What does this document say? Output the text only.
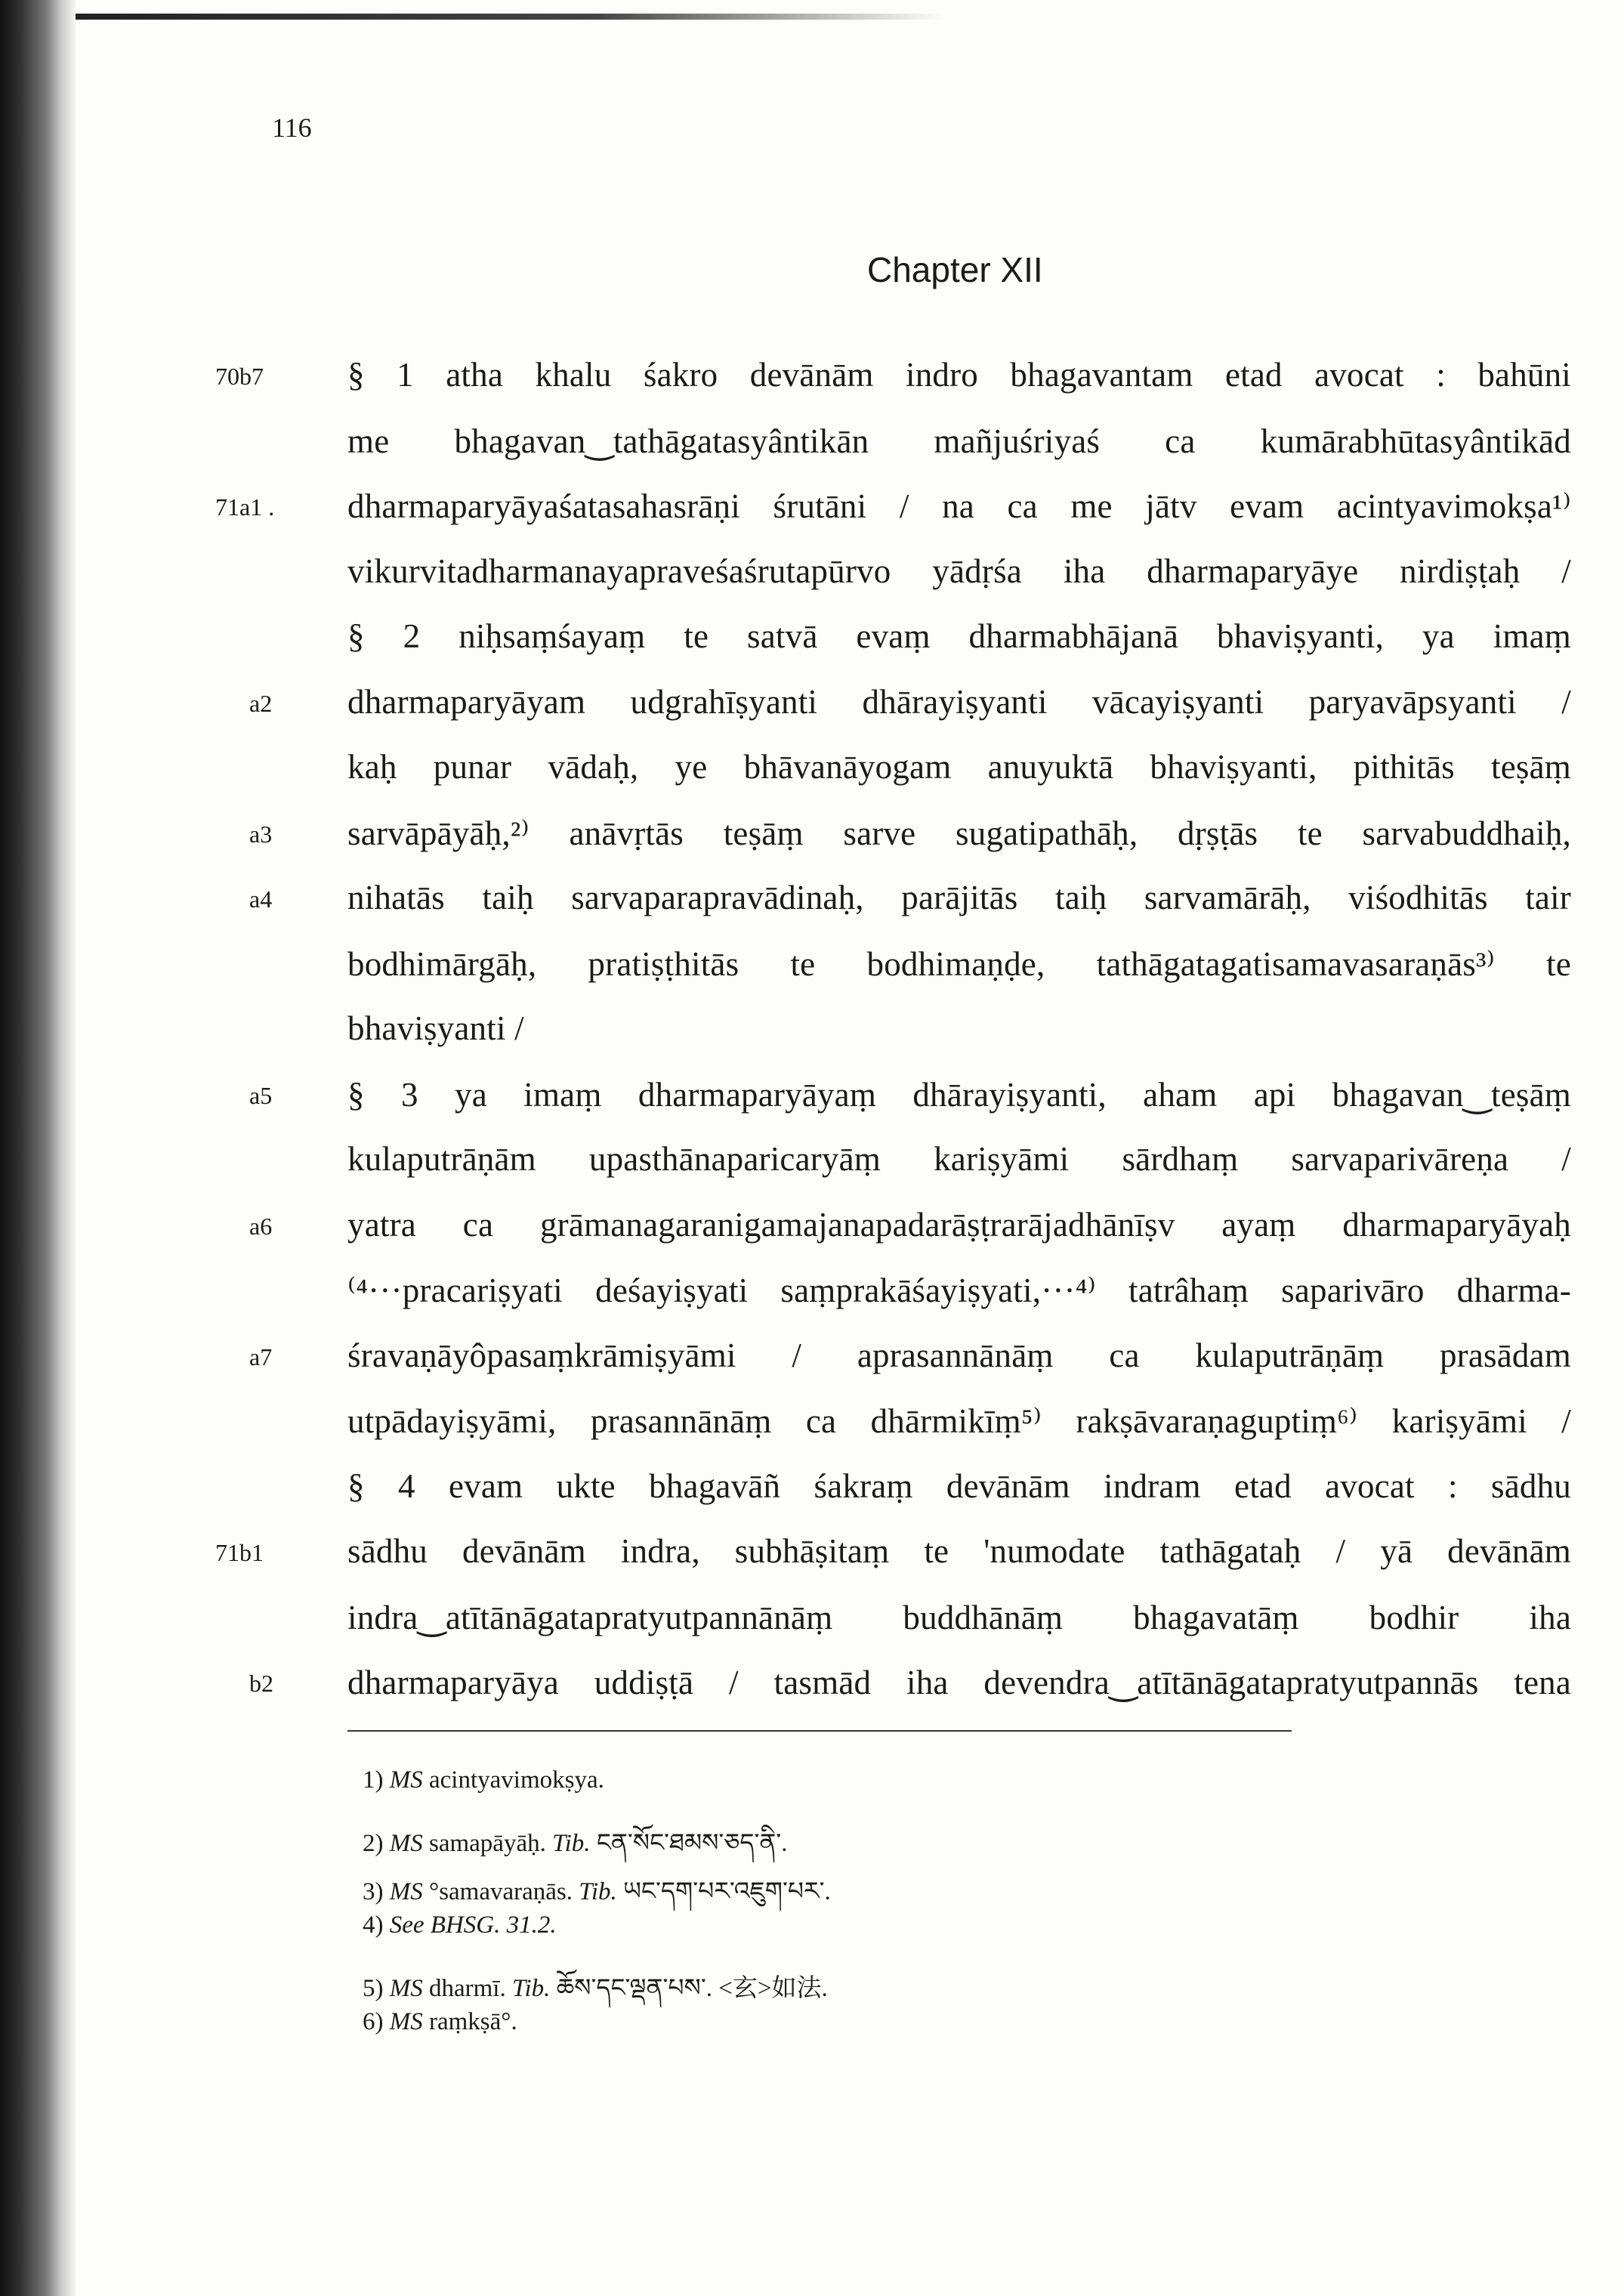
116
Chapter XII
70b7
71a1 .
a2
a3
a4
a5
a6
a7
71b1
b2
§ 1 atha khalu śakro devānām indro bhagavantam etad avocat : bahūni
me bhagavan‿tathāgatasyântikān mañjuśriyaś ca kumārabhūtasyântikād
dharmaparyāyaśatasahasrāṇi śrutāni / na ca me jātv evam acintyavimokṣa¹⁾
vikurvitadharmanayapraveśaśrutapūrvo yādṛśa iha dharmaparyāye nirdiṣṭaḥ /
§ 2 niḥsaṃśayaṃ te satvā evaṃ dharmabhājanā bhaviṣyanti, ya imaṃ
dharmaparyāyam udgrahīṣyanti dhārayiṣyanti vācayiṣyanti paryavāpsyanti /
kaḥ punar vādaḥ, ye bhāvanāyogam anuyuktā bhaviṣyanti, pithitās teṣāṃ
sarvāpāyāḥ,²⁾ anāvṛtās teṣāṃ sarve sugatipathāḥ, dṛṣṭās te sarvabuddhaiḥ,
nihatās taiḥ sarvaparapravādinaḥ, parājitās taiḥ sarvamārāḥ, viśodhitās tair
bodhimārgāḥ, pratiṣṭhitās te bodhimaṇḍe, tathāgatagatisamavasaraṇās³⁾ te
bhaviṣyanti /
§ 3 ya imaṃ dharmaparyāyaṃ dhārayiṣyanti, aham api bhagavan‿teṣāṃ
kulaputrāṇām upasthānaparicaryāṃ kariṣyāmi sārdhaṃ sarvaparivāreṇa /
yatra ca grāmanagaranigamajanapadarāṣṭrarājadhānīṣv ayaṃ dharmaparyāyaḥ
⁽⁴···pracariṣyati deśayiṣyati saṃprakāśayiṣyati,···⁴⁾ tatrâhaṃ saparivāro dharma-
śravaṇāyôpasaṃkrāmiṣyāmi / aprasannānāṃ ca kulaputrāṇāṃ prasādam
utpādayiṣyāmi, prasannānāṃ ca dhārmikīṃ⁵⁾ rakṣāvaraṇaguptiṃ⁶⁾ kariṣyāmi /
§ 4 evam ukte bhagavāñ śakraṃ devānām indram etad avocat : sādhu
sādhu devānām indra, subhāṣitaṃ te 'numodate tathāgataḥ / yā devānām
indra‿atītānāgatapratyutpannānāṃ buddhānāṃ bhagavatāṃ bodhir iha
dharmaparyāya uddiṣṭā / tasmād iha devendra‿atītānāgatapratyutpannās tena
1) MS acintyavimokṣya.
2) MS samapāyāḥ. Tib. ངན་སོང་ཐམས་ཅད་ནི་.
3) MS °samavaraṇās. Tib. ཡང་དག་པར་འཇུག་པར་.
4) See BHSG. 31.2.
5) MS dharmī. Tib. ཆོས་དང་ལྡན་པས་. <玄>如法.
6) MS raṃkṣā°.
